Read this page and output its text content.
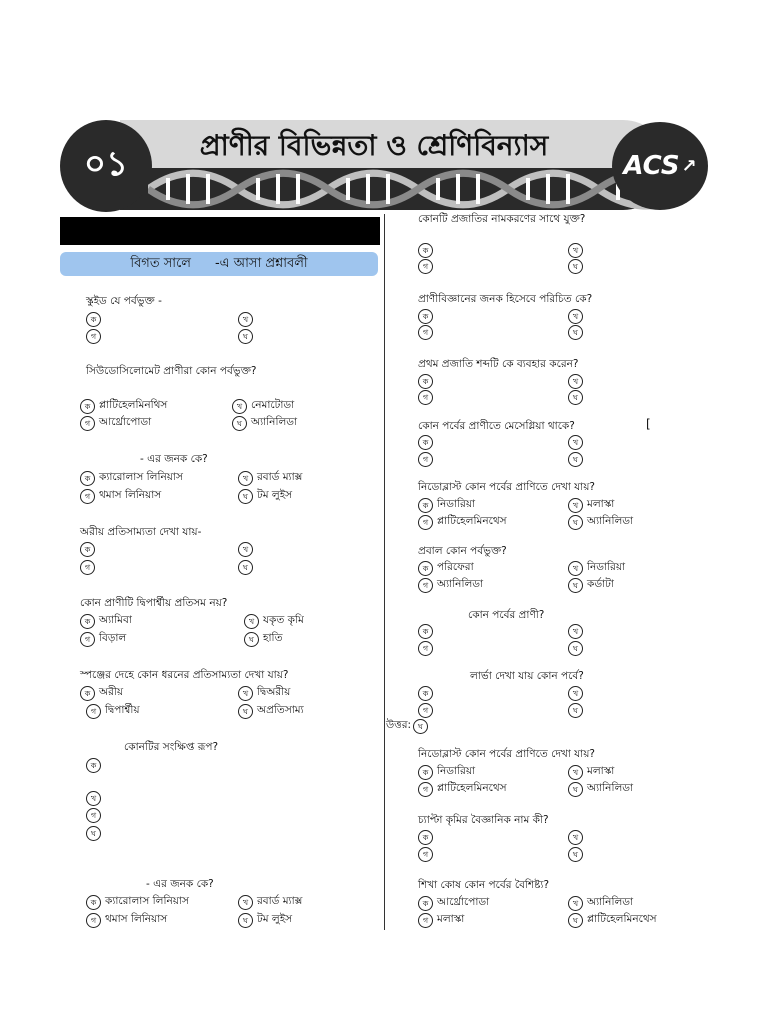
প্রাণীর বিভিন্নতা ও শ্রেণিবিন্যাস
০১	ACS ↗
বিগত সালে -এ আসা প্রশ্নাবলী
স্কুইড যে পর্বভুক্ত -
ক	খ
গ	ঘ
সিউডোসিলোমেট প্রাণীরা কোন পর্বভুক্ত?
ক প্লাটিহেলমিনথিস	খ নেমাটোডা
গ আর্থ্রোপোডা	ঘ অ্যানিলিডা
- এর জনক কে?
ক ক্যারোলাস লিনিয়াস	খ রবার্ড ম্যাক্স
গ থমাস লিনিয়াস	ঘ টম লুইস
অরীয় প্রতিসাম্যতা দেখা যায়-
ক	খ
গ	ঘ
কোন প্রাণীটি দ্বিপার্শ্বীয় প্রতিসম নয়?
ক অ্যামিবা	খ যকৃত কৃমি
গ বিড়াল	ঘ হাতি
স্পঞ্জের দেহে কোন ধরনের প্রতিসাম্যতা দেখা যায়?
ক অরীয়	খ দ্বিঅরীয়
গ দ্বিপার্শ্বীয়	ঘ অপ্রতিসাম্য
কোনটির সংক্ষিপ্ত রূপ?
ক
খ
গ
ঘ
- এর জনক কে?
ক ক্যারোলাস লিনিয়াস	খ রবার্ড ম্যাক্স
গ থমাস লিনিয়াস	ঘ টম লুইস
কোনটি প্রজাতির নামকরণের সাথে যুক্ত?
ক	খ
গ	ঘ
প্রাণীবিজ্ঞানের জনক হিসেবে পরিচিত কে?
ক	খ
গ	ঘ
প্রথম প্রজাতি শব্দটি কে ব্যবহার করেন?
ক	খ
গ	ঘ
কোন পর্বের প্রাণীতে মেসেগ্লিয়া থাকে?	[
ক	খ
গ	ঘ
নিডোব্লাস্ট কোন পর্বের প্রাণিতে দেখা যায়?
ক নিডারিয়া	খ মলাস্কা
গ প্লাটিহেলমিনথেস	ঘ অ্যানিলিডা
প্রবাল কোন পর্বভুক্ত?
ক পরিফেরা	খ নিডারিয়া
গ অ্যানিলিডা	ঘ কর্ডাটা
কোন পর্বের প্রাণী?
ক	খ
গ	ঘ
লার্ভা দেখা যায় কোন পর্বে?
ক	খ
গ	ঘ
উত্তর: ঘ
নিডোব্লাস্ট কোন পর্বের প্রাণিতে দেখা যায়?
ক নিডারিয়া	খ মলাস্কা
গ প্লাটিহেলমিনথেস	ঘ অ্যানিলিডা
চ্যাপ্টা কৃমির বৈজ্ঞানিক নাম কী?
ক	খ
গ	ঘ
শিখা কোষ কোন পর্বের বৈশিষ্ট্য?
ক আর্থ্রোপোডা	খ অ্যানিলিডা
গ মলাস্কা	ঘ প্লাটিহেলমিনথেস
